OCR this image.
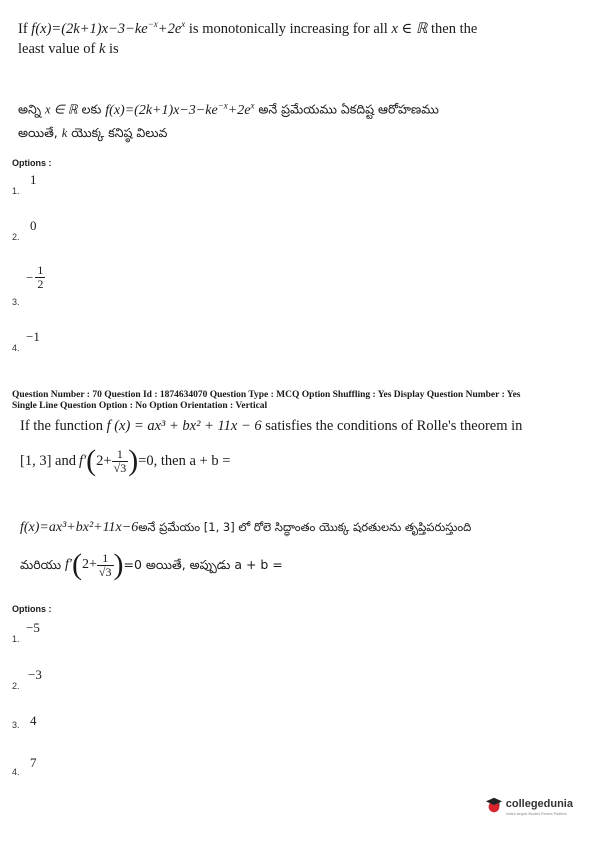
If $f(x)=(2k+1)x-3-ke^{-x}+2e^x$ is monotonically increasing for all x ∈ ℝ then the
least value of k is
అన్ని x ∈ ℝ లకు $f(x)=(2k+1)x-3-ke^{-x}+2e^x$ అనే ప్రమేయము ఏకదిష్ట ఆరోహణము
అయితే, k యొక్క కనిష్ఠ విలువ
Options :
1.
1
2.
0
3.
− $\frac{1}{2}$
4.
−1
Question Number : 70 Question Id : 1874634070 Question Type : MCQ Option Shuffling : Yes Display Question Number : Yes
Single Line Question Option : No Option Orientation : Vertical
If the function f (x) = ax³ + bx² + 11x − 6 satisfies the conditions of Rolle's theorem in
[1, 3] and f′ ( $2+ \frac{1}{√3}$ ) =0, then a + b =
f(x)=ax³+bx²+11x−6అనే ప్రమేయం [1, 3] లో రోలె సిద్ధాంతం యొక్క షరతులను తృప్తిపరుస్తుంది
మరియు f′ ( $2+ \frac{1}{√3}$ ) =0 అయితే, అప్పుడు a + b =
Options :
1.
−5
2.
−3
3. 4
4.
7
collegedunia
India's largest Student Review Platform
